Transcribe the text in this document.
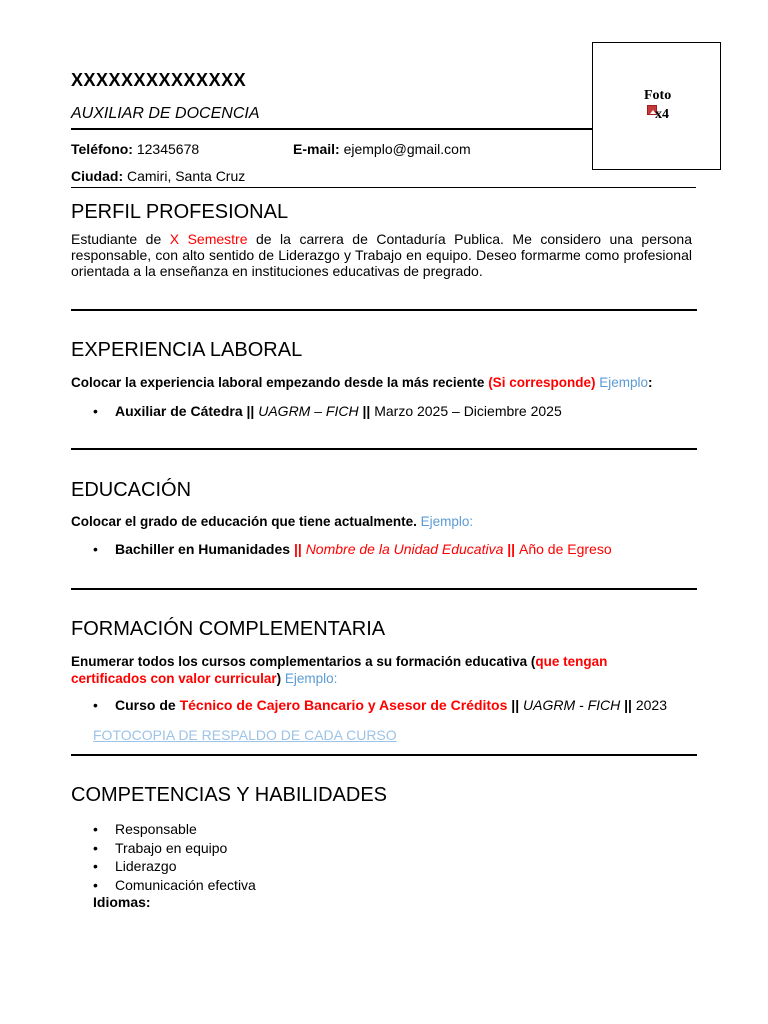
XXXXXXXXXXXXXX
AUXILIAR DE DOCENCIA
Foto
x4
Teléfono: 12345678	E-mail: ejemplo@gmail.com
Ciudad: Camiri, Santa Cruz
PERFIL PROFESIONAL
Estudiante de X Semestre de la carrera de Contaduría Publica. Me considero una persona responsable, con alto sentido de Liderazgo y Trabajo en equipo. Deseo formarme como profesional orientada a la enseñanza en instituciones educativas de pregrado.
EXPERIENCIA LABORAL
Colocar la experiencia laboral empezando desde la más reciente (Si corresponde) Ejemplo:
• Auxiliar de Cátedra || UAGRM – FICH || Marzo 2025 – Diciembre 2025
EDUCACIÓN
Colocar el grado de educación que tiene actualmente. Ejemplo:
• Bachiller en Humanidades || Nombre de la Unidad Educativa || Año de Egreso
FORMACIÓN COMPLEMENTARIA
Enumerar todos los cursos complementarios a su formación educativa (que tengan
certificados con valor curricular) Ejemplo:
• Curso de Técnico de Cajero Bancario y Asesor de Créditos || UAGRM - FICH || 2023
FOTOCOPIA DE RESPALDO DE CADA CURSO
COMPETENCIAS Y HABILIDADES
• Responsable
• Trabajo en equipo
• Liderazgo
• Comunicación efectiva
Idiomas:
